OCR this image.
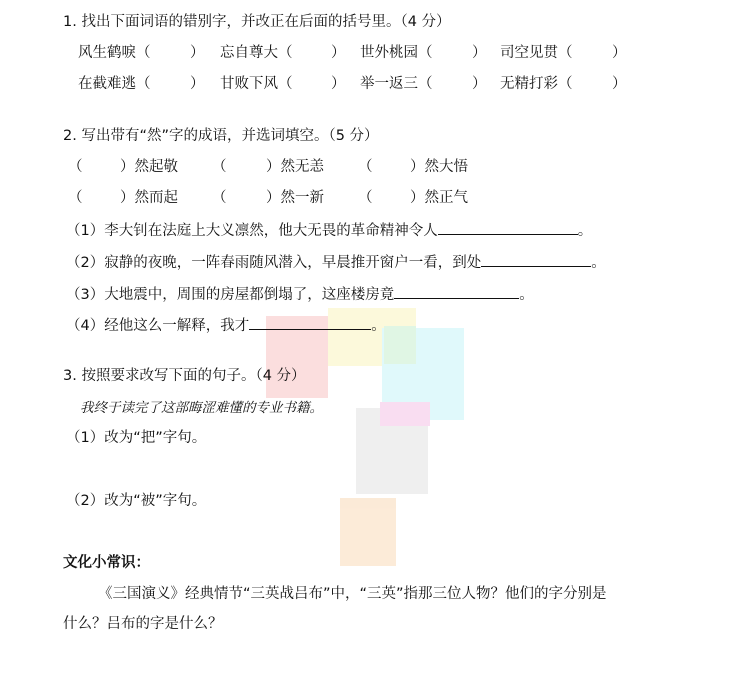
1. 找出下面词语的错别字，并改正在后面的括号里。（4 分）
风生鹤唳（	） 忘自尊大（	） 世外桃园（	） 司空见贯（	）
在截难逃（	） 甘败下风（	） 举一返三（	） 无精打彩（	）
2. 写出带有“然”字的成语，并选词填空。（5 分）
（	）然起敬 （	）然无恙 （	）然大悟
（	）然而起 （	）然一新 （	）然正气
（1）李大钊在法庭上大义凛然，他大无畏的革命精神令人	。
（2）寂静的夜晚，一阵春雨随风潜入，早晨推开窗户一看，到处	。
（3）大地震中，周围的房屋都倒塌了，这座楼房竟	。
（4）经他这么一解释，我才	。
3. 按照要求改写下面的句子。（4 分）
我终于读完了这部晦涩难懂的专业书籍。
（1）改为“把”字句。
（2）改为“被”字句。
文化小常识：
《三国演义》经典情节“三英战吕布”中，“三英”指那三位人物？他们的字分别是
什么？吕布的字是什么？
